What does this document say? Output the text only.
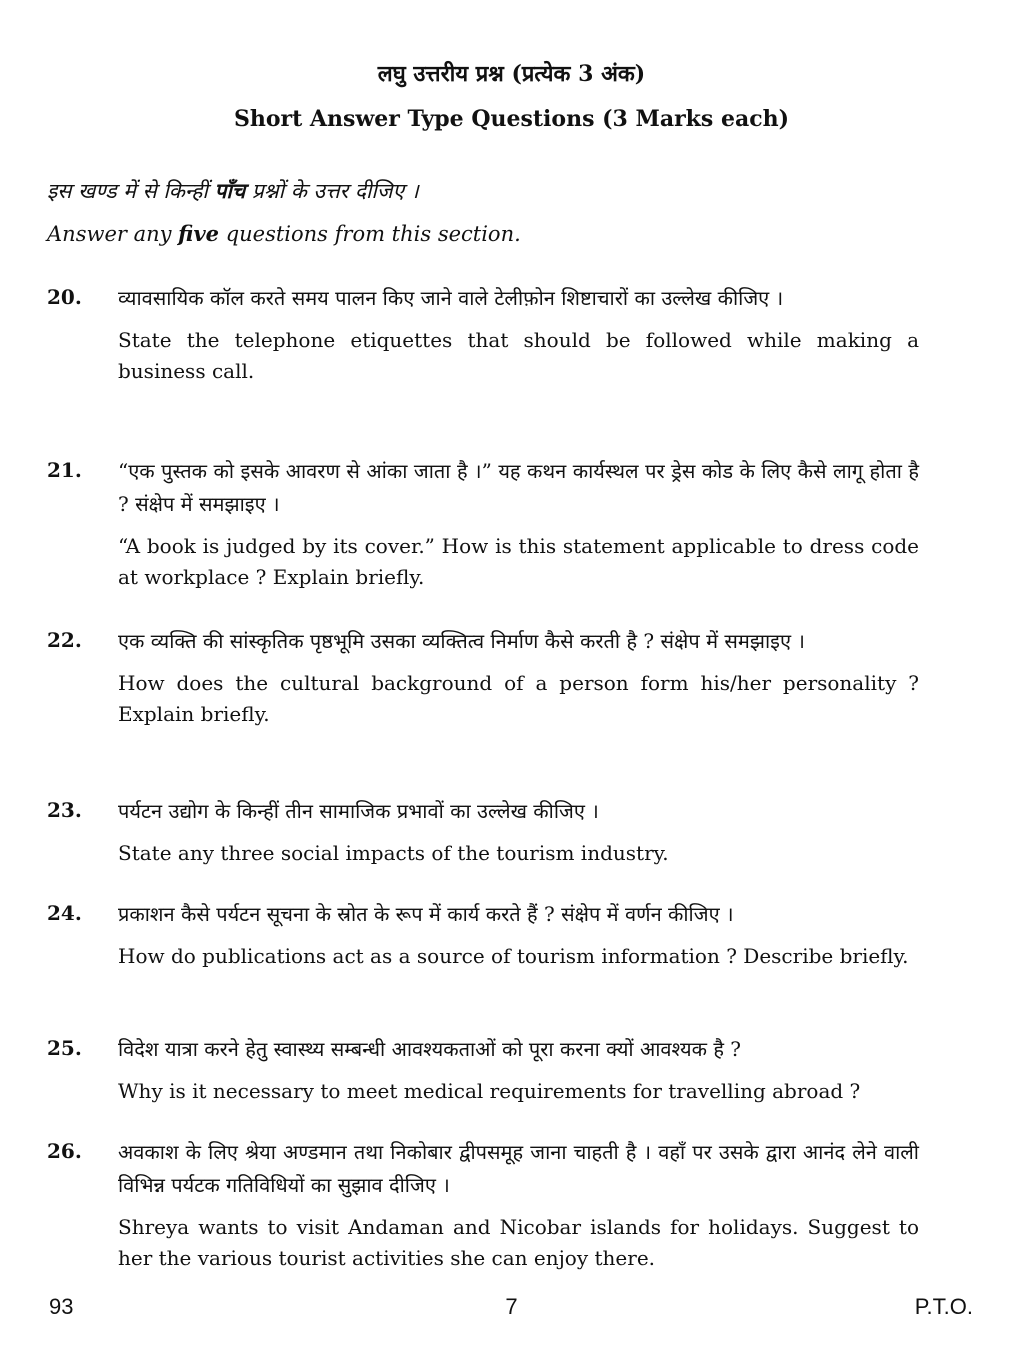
लघु उत्तरीय प्रश्न (प्रत्येक 3 अंक)
Short Answer Type Questions (3 Marks each)
इस खण्ड में से किन्हीं पाँच प्रश्नों के उत्तर दीजिए ।
Answer any five questions from this section.
20. व्यावसायिक कॉल करते समय पालन किए जाने वाले टेलीफ़ोन शिष्टाचारों का उल्लेख कीजिए ।
State the telephone etiquettes that should be followed while making a business call.
21. “एक पुस्तक को इसके आवरण से आंका जाता है ।” यह कथन कार्यस्थल पर ड्रेस कोड के लिए कैसे लागू होता है ? संक्षेप में समझाइए ।
“A book is judged by its cover.” How is this statement applicable to dress code at workplace ? Explain briefly.
22. एक व्यक्ति की सांस्कृतिक पृष्ठभूमि उसका व्यक्तित्व निर्माण कैसे करती है ? संक्षेप में समझाइए ।
How does the cultural background of a person form his/her personality ? Explain briefly.
23. पर्यटन उद्योग के किन्हीं तीन सामाजिक प्रभावों का उल्लेख कीजिए ।
State any three social impacts of the tourism industry.
24. प्रकाशन कैसे पर्यटन सूचना के स्रोत के रूप में कार्य करते हैं ? संक्षेप में वर्णन कीजिए ।
How do publications act as a source of tourism information ? Describe briefly.
25. विदेश यात्रा करने हेतु स्वास्थ्य सम्बन्धी आवश्यकताओं को पूरा करना क्यों आवश्यक है ?
Why is it necessary to meet medical requirements for travelling abroad ?
26. अवकाश के लिए श्रेया अण्डमान तथा निकोबार द्वीपसमूह जाना चाहती है । वहाँ पर उसके द्वारा आनंद लेने वाली विभिन्न पर्यटक गतिविधियों का सुझाव दीजिए ।
Shreya wants to visit Andaman and Nicobar islands for holidays. Suggest to her the various tourist activities she can enjoy there.
93	7	P.T.O.
